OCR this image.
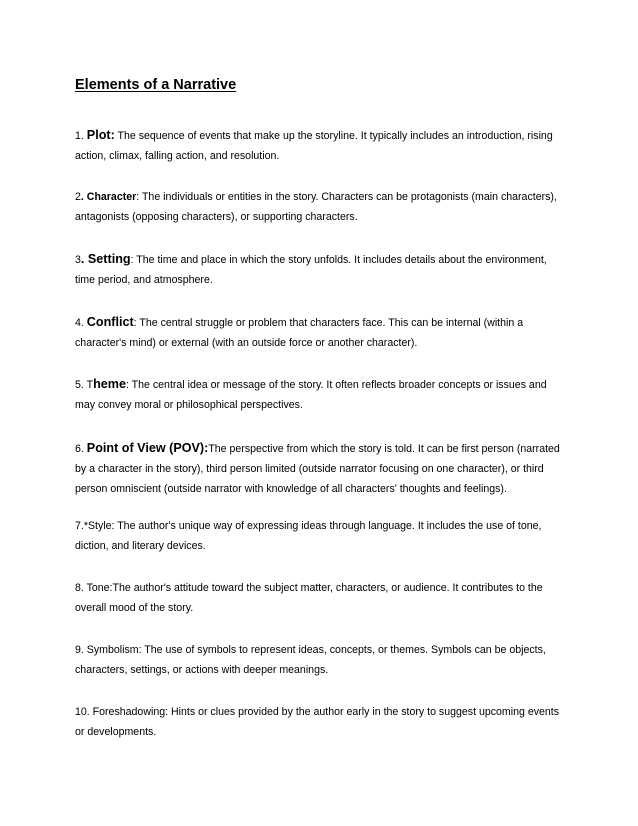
Elements of a Narrative

1. Plot: The sequence of events that make up the storyline. It typically includes an introduction, rising action, climax, falling action, and resolution.

2. Character: The individuals or entities in the story. Characters can be protagonists (main characters), antagonists (opposing characters), or supporting characters.

3. Setting: The time and place in which the story unfolds. It includes details about the environment, time period, and atmosphere.

4. Conflict: The central struggle or problem that characters face. This can be internal (within a character's mind) or external (with an outside force or another character).

5. Theme: The central idea or message of the story. It often reflects broader concepts or issues and may convey moral or philosophical perspectives.

6. Point of View (POV):The perspective from which the story is told. It can be first person (narrated by a character in the story), third person limited (outside narrator focusing on one character), or third person omniscient (outside narrator with knowledge of all characters' thoughts and feelings).

7.*Style: The author's unique way of expressing ideas through language. It includes the use of tone, diction, and literary devices.

8. Tone:The author's attitude toward the subject matter, characters, or audience. It contributes to the overall mood of the story.

9. Symbolism: The use of symbols to represent ideas, concepts, or themes. Symbols can be objects, characters, settings, or actions with deeper meanings.

10. Foreshadowing: Hints or clues provided by the author early in the story to suggest upcoming events or developments.
